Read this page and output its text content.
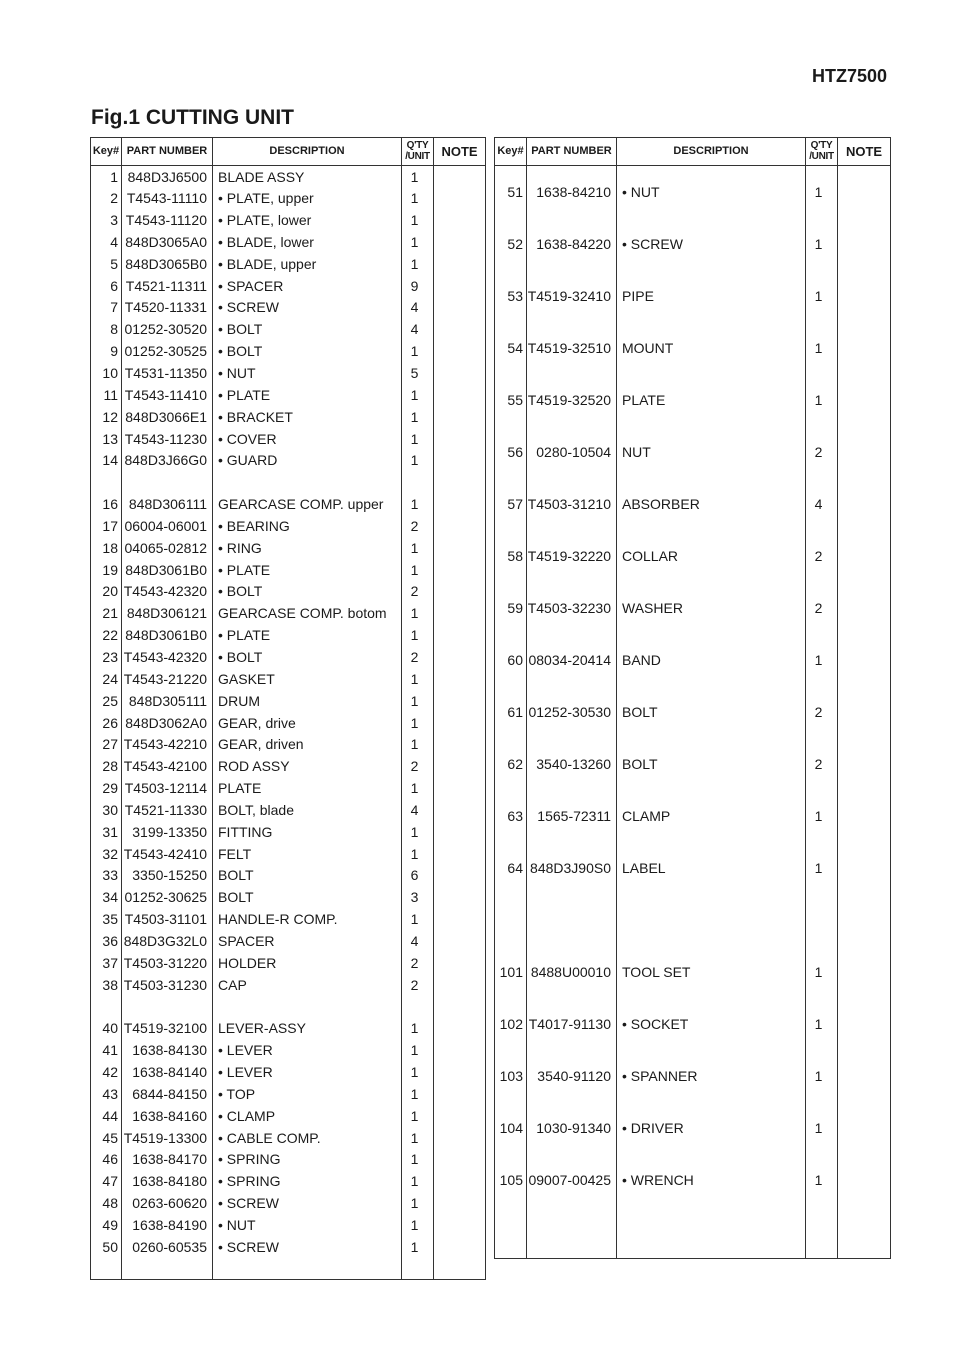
HTZ7500
Fig.1 CUTTING UNIT
Key#	PART NUMBER	DESCRIPTION	Q'TY
/UNIT	NOTE
1	848D3J6500	BLADE ASSY	1	
2	T4543-11110	• PLATE, upper	1	
3	T4543-11120	• PLATE, lower	1	
4	848D3065A0	• BLADE, lower	1	
5	848D3065B0	• BLADE, upper	1	
6	T4521-11311	• SPACER	9	
7	T4520-11331	• SCREW	4	
8	01252-30520	• BOLT	4	
9	01252-30525	• BOLT	1	
10	T4531-11350	• NUT	5	
11	T4543-11410	• PLATE	1	
12	848D3066E1	• BRACKET	1	
13	T4543-11230	• COVER	1	
14	848D3J66G0	• GUARD	1	

16	848D306111	GEARCASE COMP. upper	1	
17	06004-06001	• BEARING	2	
18	04065-02812	• RING	1	
19	848D3061B0	• PLATE	1	
20	T4543-42320	• BOLT	2	
21	848D306121	GEARCASE COMP. botom	1	
22	848D3061B0	• PLATE	1	
23	T4543-42320	• BOLT	2	
24	T4543-21220	GASKET	1	
25	848D305111	DRUM	1	
26	848D3062A0	GEAR, drive	1	
27	T4543-42210	GEAR, driven	1	
28	T4543-42100	ROD ASSY	2	
29	T4503-12114	PLATE	1	
30	T4521-11330	BOLT, blade	4	
31	3199-13350	FITTING	1	
32	T4543-42410	FELT	1	
33	3350-15250	BOLT	6	
34	01252-30625	BOLT	3	
35	T4503-31101	HANDLE-R COMP.	1	
36	848D3G32L0	SPACER	4	
37	T4503-31220	HOLDER	2	
38	T4503-31230	CAP	2	

40	T4519-32100	LEVER-ASSY	1	
41	1638-84130	• LEVER	1	
42	1638-84140	• LEVER	1	
43	6844-84150	• TOP	1	
44	1638-84160	• CLAMP	1	
45	T4519-13300	• CABLE COMP.	1	
46	1638-84170	• SPRING	1	
47	1638-84180	• SPRING	1	
48	0263-60620	• SCREW	1	
49	1638-84190	• NUT	1	
50	0260-60535	• SCREW	1	

Key#	PART NUMBER	DESCRIPTION	Q'TY
/UNIT	NOTE
51	1638-84210	• NUT	1	
52	1638-84220	• SCREW	1	
53	T4519-32410	PIPE	1	
54	T4519-32510	MOUNT	1	
55	T4519-32520	PLATE	1	
56	0280-10504	NUT	2	
57	T4503-31210	ABSORBER	4	
58	T4519-32220	COLLAR	2	
59	T4503-32230	WASHER	2	
60	08034-20414	BAND	1	
61	01252-30530	BOLT	2	
62	3540-13260	BOLT	2	
63	1565-72311	CLAMP	1	
64	848D3J90S0	LABEL	1	

101	8488U00010	TOOL SET	1	
102	T4017-91130	• SOCKET	1	
103	3540-91120	• SPANNER	1	
104	1030-91340	• DRIVER	1	
105	09007-00425	• WRENCH	1	
